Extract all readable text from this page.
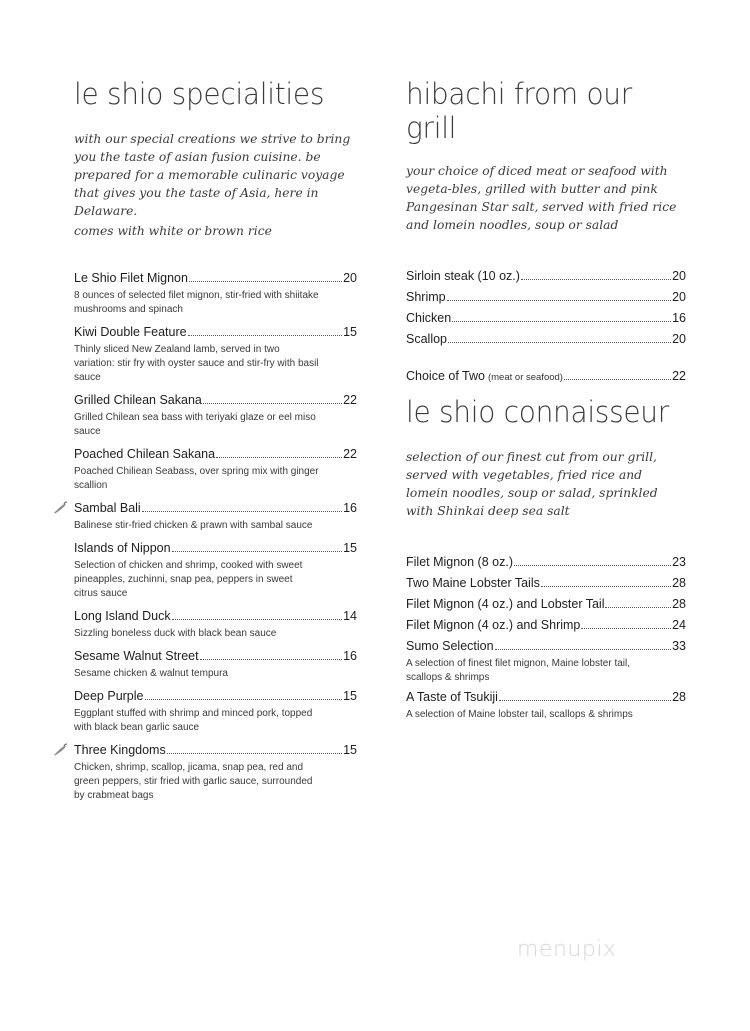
le shio specialities

with our special creations we strive to bring you the taste of asian fusion cuisine. be prepared for a memorable culinaric voyage that gives you the taste of Asia, here in Delaware.

comes with white or brown rice

Le Shio Filet Mignon	20
8 ounces of selected filet mignon, stir-fried with shiitake mushrooms and spinach
Kiwi Double Feature	15
Thinly sliced New Zealand lamb, served in two variation: stir fry with oyster sauce and stir-fry with basil sauce
Grilled Chilean Sakana	22
Grilled Chilean sea bass with teriyaki glaze or eel miso sauce
Poached Chilean Sakana	22
Poached Chiliean Seabass, over spring mix with ginger scallion
Sambal Bali	16
Balinese stir-fried chicken & prawn with sambal sauce
Islands of Nippon	15
Selection of chicken and shrimp, cooked with sweet pineapples, zuchinni, snap pea, peppers in sweet citrus sauce
Long Island Duck	14
Sizzling boneless duck with black bean sauce
Sesame Walnut Street	16
Sesame chicken & walnut tempura
Deep Purple	15
Eggplant stuffed with shrimp and minced pork, topped with black bean garlic sauce
Three Kingdoms	15
Chicken, shrimp, scallop, jicama, snap pea, red and green peppers, stir fried with garlic sauce, surrounded by crabmeat bags
hibachi from our grill

your choice of diced meat or seafood with vegeta-bles, grilled with butter and pink Pangesinan Star salt, served with fried rice and lomein noodles, soup or salad

Sirloin steak (10 oz.)	20
Shrimp	20
Chicken	16
Scallop	20
Choice of Two (meat or seafood)	22
le shio connaisseur

selection of our finest cut from our grill, served with vegetables, fried rice and lomein noodles, soup or salad, sprinkled with Shinkai deep sea salt

Filet Mignon (8 oz.)	23
Two Maine Lobster Tails	28
Filet Mignon (4 oz.) and Lobster Tail	28
Filet Mignon (4 oz.) and Shrimp	24
Sumo Selection	33
A selection of finest filet mignon, Maine lobster tail, scallops & shrimps
A Taste of Tsukiji	28
A selection of Maine lobster tail, scallops & shrimps
menupix
